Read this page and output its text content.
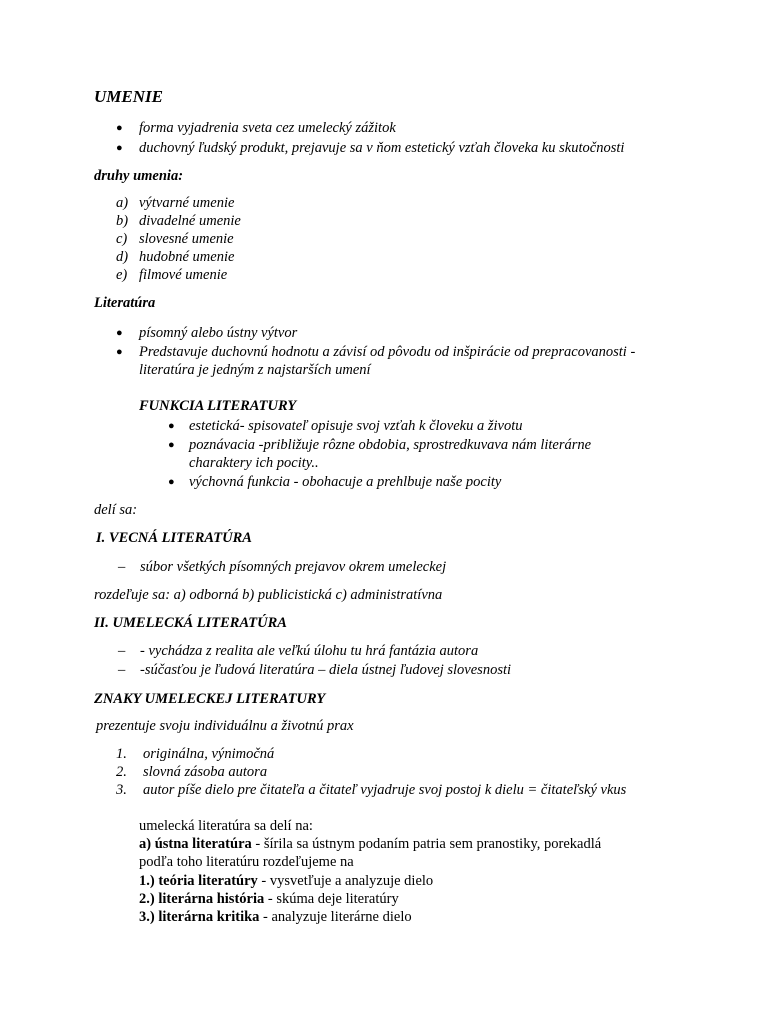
UMENIE
● forma vyjadrenia sveta cez umelecký zážitok
● duchovný ľudský produkt, prejavuje sa v ňom estetický vzťah človeka ku skutočnosti
druhy umenia:
a) výtvarné umenie
b) divadelné umenie
c) slovesné umenie
d) hudobné umenie
e) filmové umenie
Literatúra
● písomný alebo ústny výtvor
● Predstavuje duchovnú hodnotu a závisí od pôvodu od inšpirácie od prepracovanosti -
literatúra je jedným z najstarších umení
FUNKCIA LITERATURY
● estetická- spisovateľ opisuje svoj vzťah k človeku a životu
● poznávacia -približuje rôzne obdobia, sprostredkuvava nám literárne
charaktery ich pocity..
● výchovná funkcia - obohacuje a prehlbuje naše pocity
delí sa:
I. VECNÁ LITERATÚRA
– súbor všetkých písomných prejavov okrem umeleckej
rozdeľuje sa: a) odborná b) publicistická c) administratívna
II. UMELECKÁ LITERATÚRA
– - vychádza z realita ale veľkú úlohu tu hrá fantázia autora
– -súčasťou je ľudová literatúra – diela ústnej ľudovej slovesnosti
ZNAKY UMELECKEJ LITERATURY
prezentuje svoju individuálnu a životnú prax
1. originálna, výnimočná
2. slovná zásoba autora
3. autor píše dielo pre čitateľa a čitateľ vyjadruje svoj postoj k dielu = čitateľský vkus
umelecká literatúra sa delí na:
a) ústna literatúra - šírila sa ústnym podaním patria sem pranostiky, porekadlá
podľa toho literatúru rozdeľujeme na
1.) teória literatúry - vysvetľuje a analyzuje dielo
2.) literárna história - skúma deje literatúry
3.) literárna kritika - analyzuje literárne dielo
